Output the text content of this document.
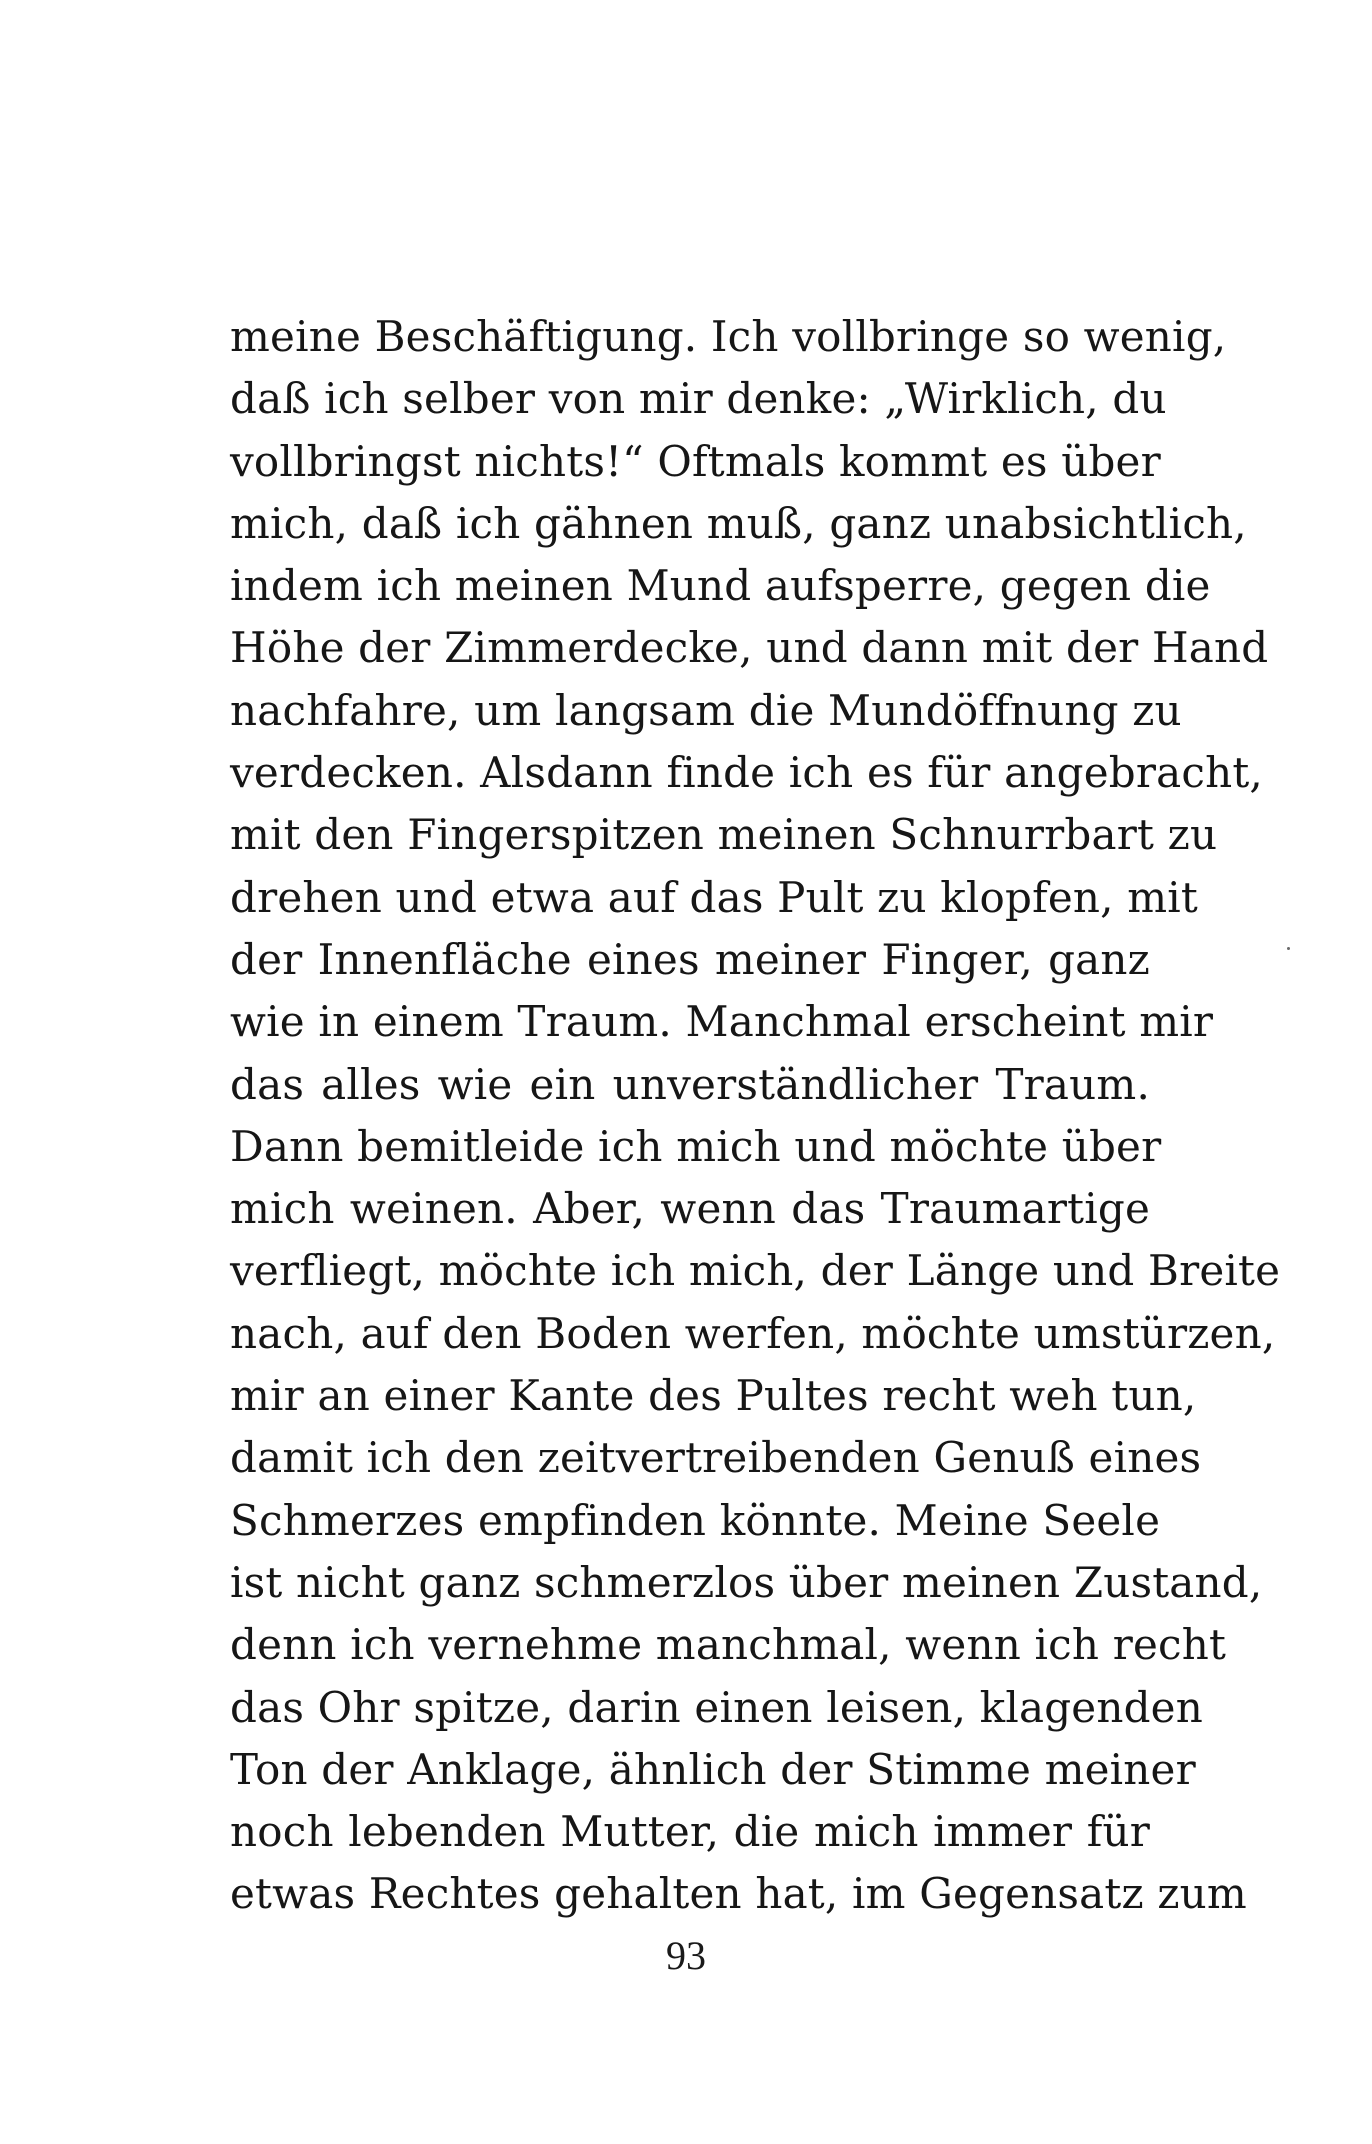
meine Beschäftigung. Ich vollbringe so wenig,
daß ich selber von mir denke: „Wirklich, du
vollbringst nichts!“ Oftmals kommt es über
mich, daß ich gähnen muß, ganz unabsichtlich,
indem ich meinen Mund aufsperre, gegen die
Höhe der Zimmerdecke, und dann mit der Hand
nachfahre, um langsam die Mundöffnung zu
verdecken. Alsdann finde ich es für angebracht,
mit den Fingerspitzen meinen Schnurrbart zu
drehen und etwa auf das Pult zu klopfen, mit
der Innenfläche eines meiner Finger, ganz
wie in einem Traum. Manchmal erscheint mir
das alles wie ein unverständlicher Traum.
Dann bemitleide ich mich und möchte über
mich weinen. Aber, wenn das Traumartige
verfliegt, möchte ich mich, der Länge und Breite
nach, auf den Boden werfen, möchte umstürzen,
mir an einer Kante des Pultes recht weh tun,
damit ich den zeitvertreibenden Genuß eines
Schmerzes empfinden könnte. Meine Seele
ist nicht ganz schmerzlos über meinen Zustand,
denn ich vernehme manchmal, wenn ich recht
das Ohr spitze, darin einen leisen, klagenden
Ton der Anklage, ähnlich der Stimme meiner
noch lebenden Mutter, die mich immer für
etwas Rechtes gehalten hat, im Gegensatz zum
93
